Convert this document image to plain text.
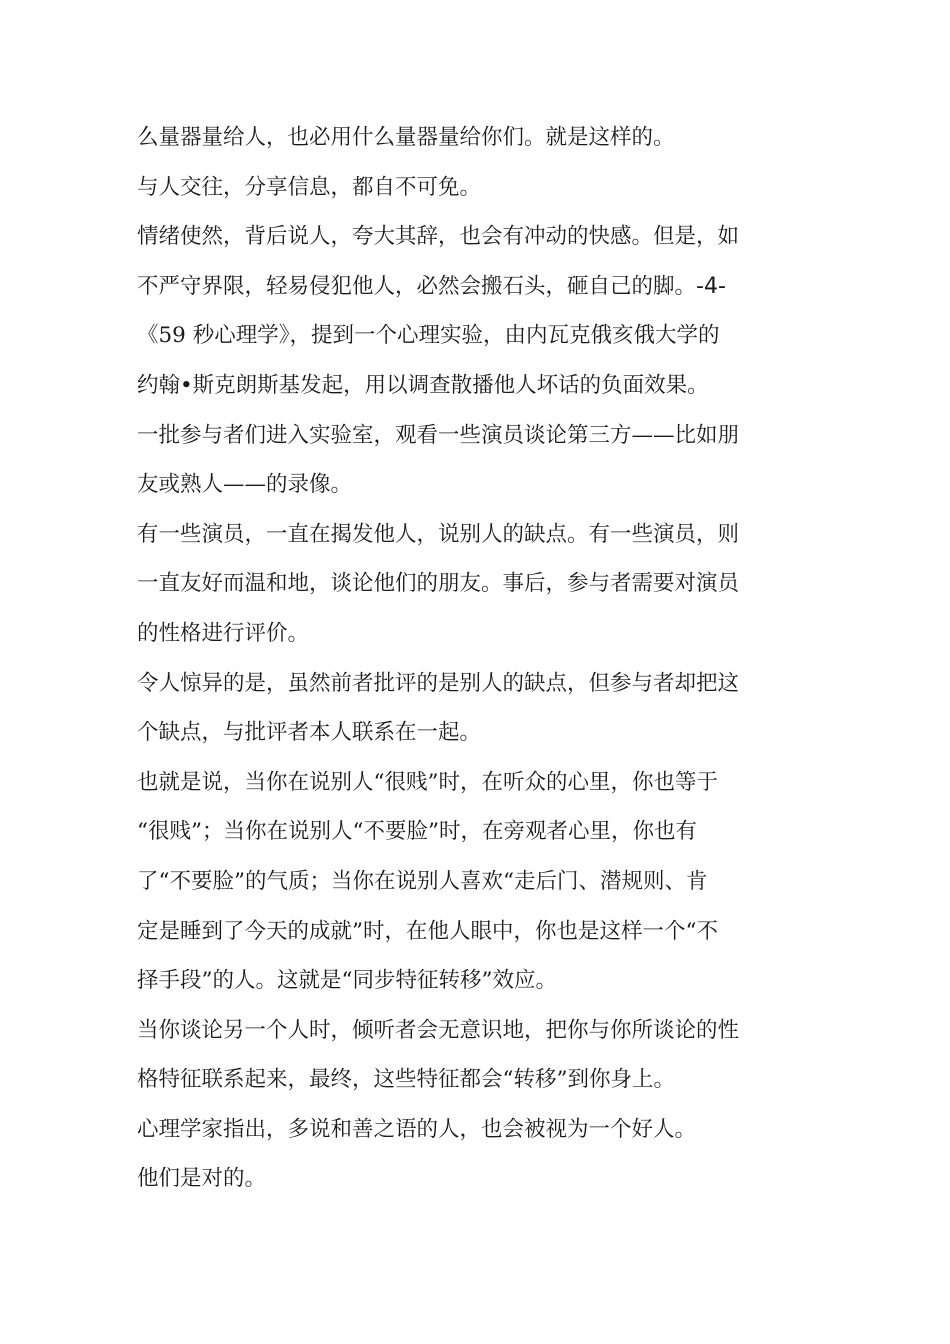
么量器量给人，也必用什么量器量给你们。就是这样的。
与人交往，分享信息，都自不可免。
情绪使然，背后说人，夸大其辞，也会有冲动的快感。但是，如
不严守界限，轻易侵犯他人，必然会搬石头，砸自己的脚。-4-
《59 秒心理学》，提到一个心理实验，由内瓦克俄亥俄大学的
约翰•斯克朗斯基发起，用以调查散播他人坏话的负面效果。
一批参与者们进入实验室，观看一些演员谈论第三方——比如朋
友或熟人——的录像。
有一些演员，一直在揭发他人，说别人的缺点。有一些演员，则
一直友好而温和地，谈论他们的朋友。事后，参与者需要对演员
的性格进行评价。
令人惊异的是，虽然前者批评的是别人的缺点，但参与者却把这
个缺点，与批评者本人联系在一起。
也就是说，当你在说别人“很贱”时，在听众的心里，你也等于
“很贱”；当你在说别人“不要脸”时，在旁观者心里，你也有
了“不要脸”的气质；当你在说别人喜欢“走后门、潜规则、肯
定是睡到了今天的成就”时，在他人眼中，你也是这样一个“不
择手段”的人。这就是“同步特征转移”效应。
当你谈论另一个人时，倾听者会无意识地，把你与你所谈论的性
格特征联系起来，最终，这些特征都会“转移”到你身上。
心理学家指出，多说和善之语的人，也会被视为一个好人。
他们是对的。
